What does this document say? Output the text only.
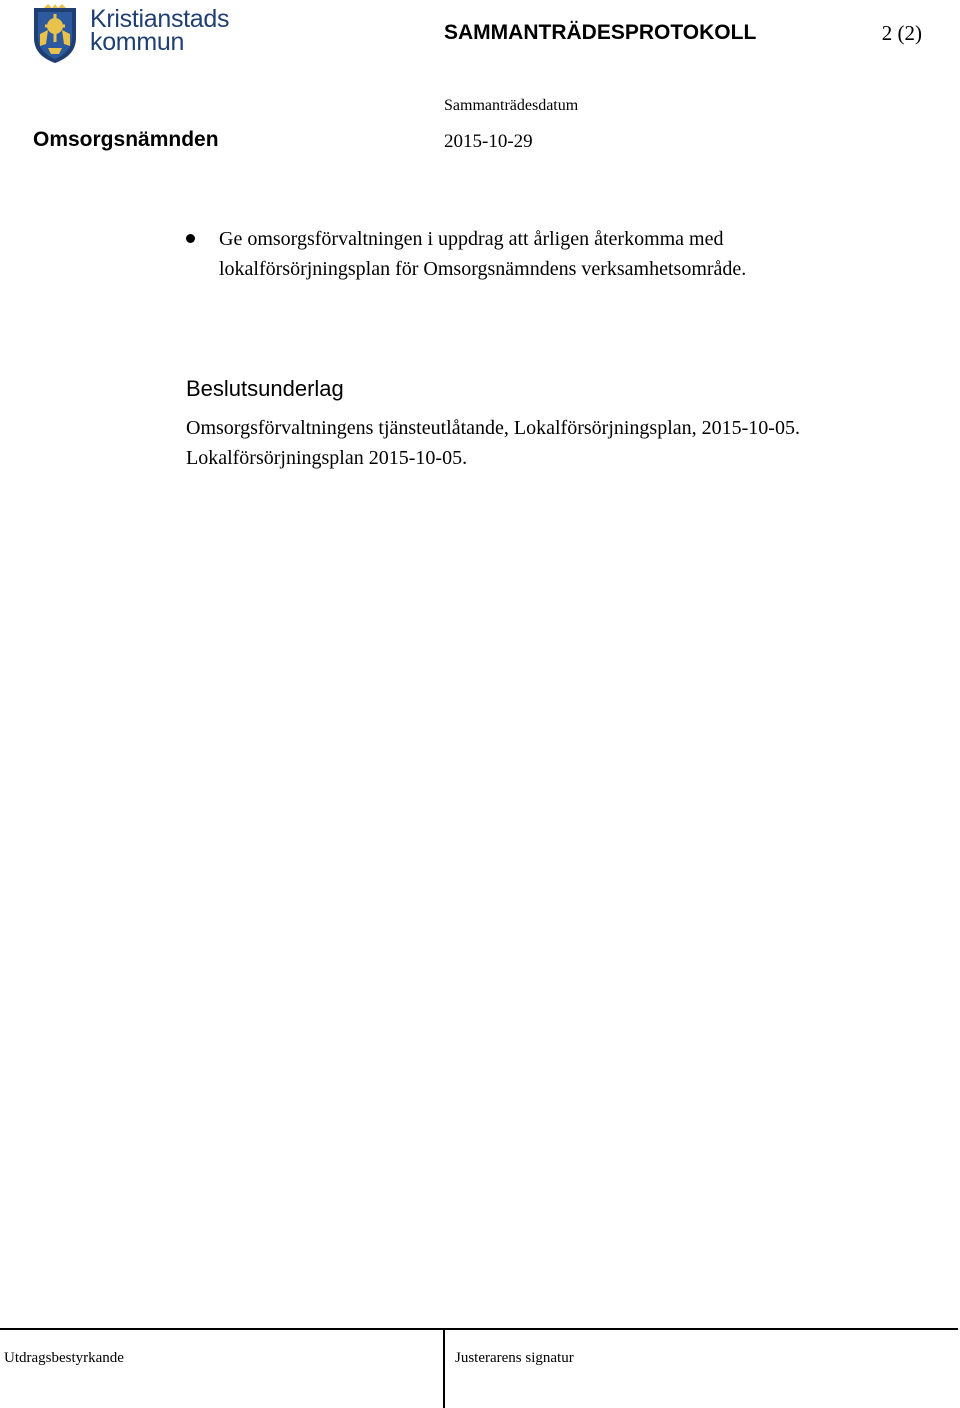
Kristianstads
kommun	SAMMANTRÄDESPROTOKOLL	2 (2)
Sammanträdesdatum
Omsorgsnämnden	2015-10-29
Ge omsorgsförvaltningen i uppdrag att årligen återkomma med lokalförsörjningsplan för Omsorgsnämndens verksamhetsområde.
Beslutsunderlag

Omsorgsförvaltningens tjänsteutlåtande, Lokalförsörjningsplan, 2015-10-05.

Lokalförsörjningsplan 2015-10-05.

Utdragsbestyrkande	Justerarens signatur
